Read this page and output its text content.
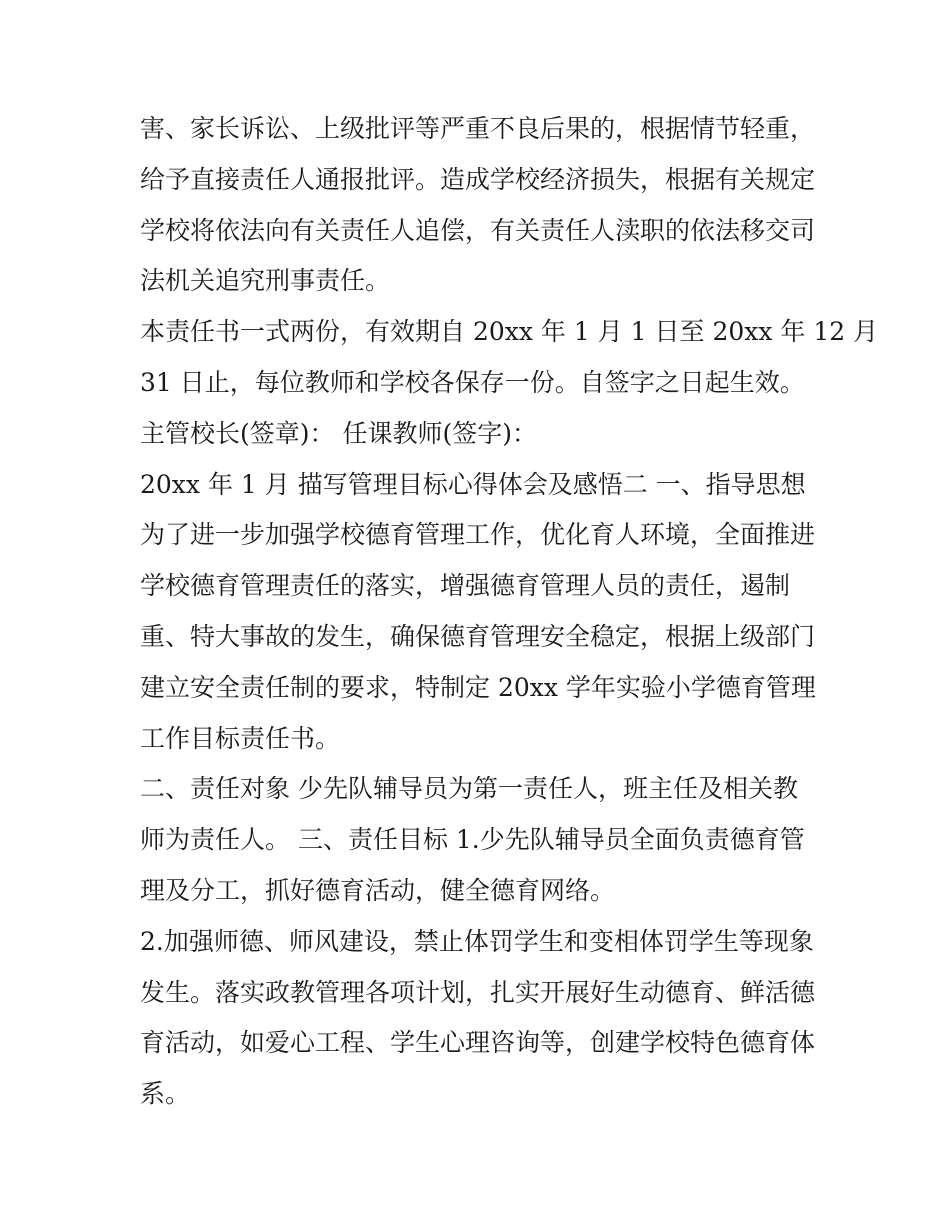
害、家长诉讼、上级批评等严重不良后果的，根据情节轻重，
给予直接责任人通报批评。造成学校经济损失，根据有关规定
学校将依法向有关责任人追偿，有关责任人渎职的依法移交司
法机关追究刑事责任。
本责任书一式两份，有效期自 20xx 年 1 月 1 日至 20xx 年 12 月
31 日止，每位教师和学校各保存一份。自签字之日起生效。
主管校长(签章)： 任课教师(签字)：
20xx 年 1 月 描写管理目标心得体会及感悟二 一、指导思想
为了进一步加强学校德育管理工作，优化育人环境，全面推进
学校德育管理责任的落实，增强德育管理人员的责任，遏制
重、特大事故的发生，确保德育管理安全稳定，根据上级部门
建立安全责任制的要求，特制定 20xx 学年实验小学德育管理
工作目标责任书。
二、责任对象 少先队辅导员为第一责任人，班主任及相关教
师为责任人。 三、责任目标 1.少先队辅导员全面负责德育管
理及分工，抓好德育活动，健全德育网络。
2.加强师德、师风建设，禁止体罚学生和变相体罚学生等现象
发生。落实政教管理各项计划，扎实开展好生动德育、鲜活德
育活动，如爱心工程、学生心理咨询等，创建学校特色德育体
系。
